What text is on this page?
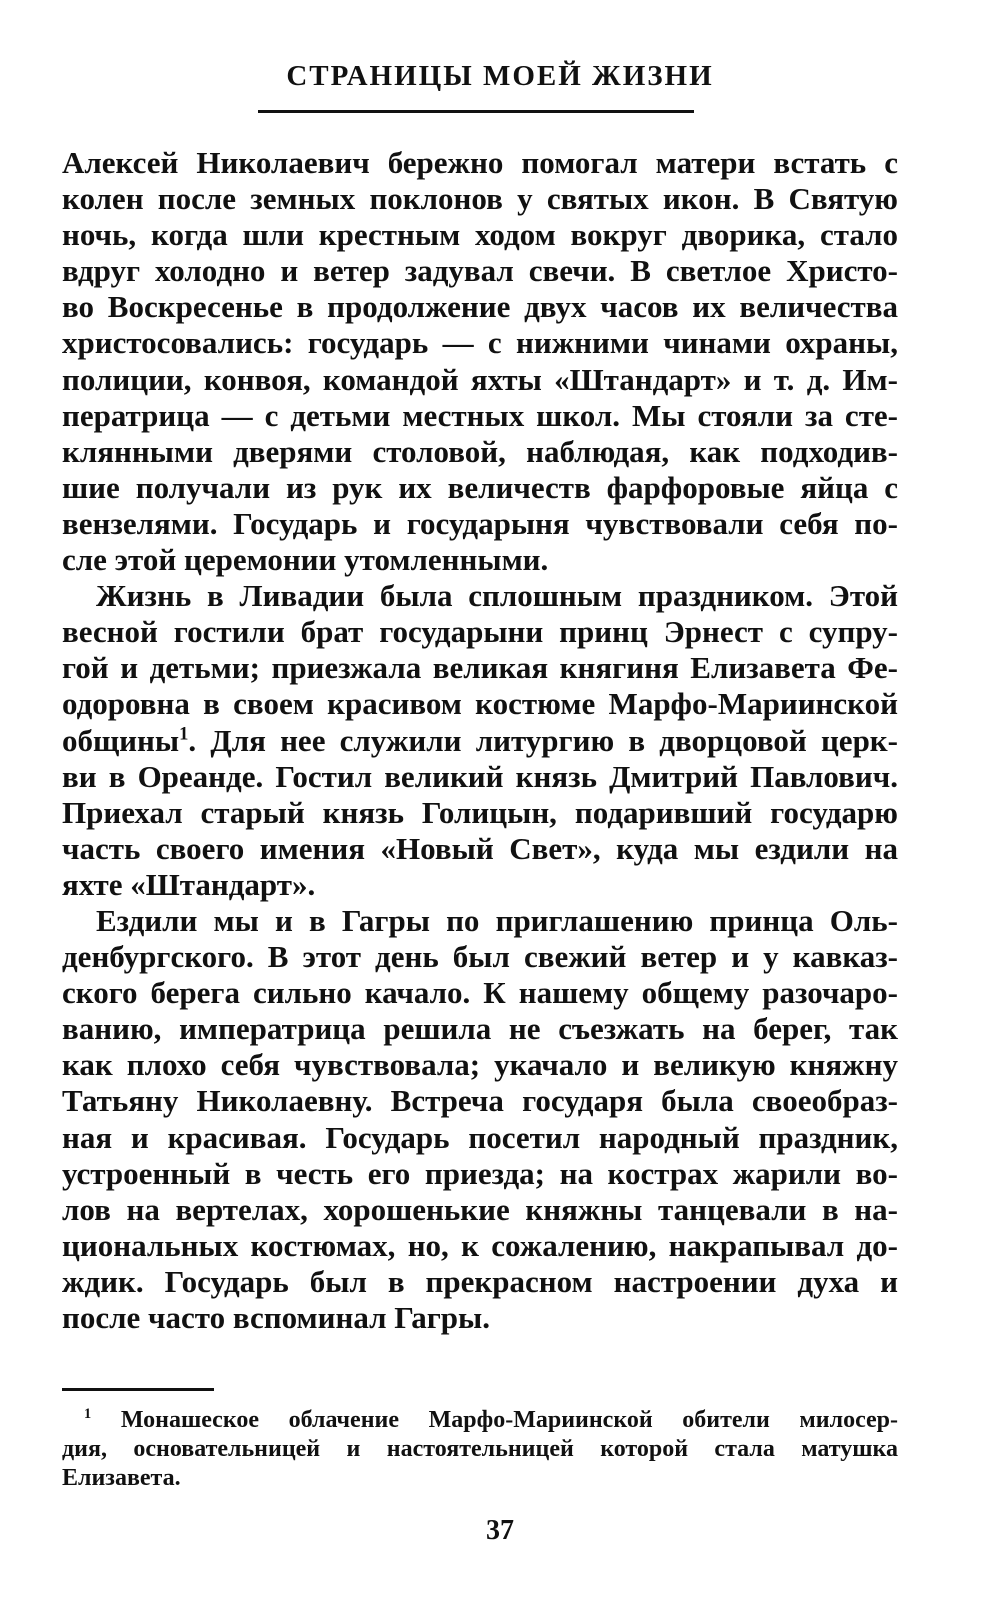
СТРАНИЦЫ МОЕЙ ЖИЗНИ
Алексей Николаевич бережно помогал матери встать с
колен после земных поклонов у святых икон. В Святую
ночь, когда шли крестным ходом вокруг дворика, стало
вдруг холодно и ветер задувал свечи. В светлое Христо-
во Воскресенье в продолжение двух часов их величества
христосовались: государь — с нижними чинами охраны,
полиции, конвоя, командой яхты «Штандарт» и т. д. Им-
ператрица — с детьми местных школ. Мы стояли за сте-
клянными дверями столовой, наблюдая, как подходив-
шие получали из рук их величеств фарфоровые яйца с
вензелями. Государь и государыня чувствовали себя по-
сле этой церемонии утомленными.
Жизнь в Ливадии была сплошным праздником. Этой
весной гостили брат государыни принц Эрнест с супру-
гой и детьми; приезжала великая княгиня Елизавета Фе-
одоровна в своем красивом костюме Марфо-Мариинской
общины$^1$. Для нее служили литургию в дворцовой церк-
ви в Ореанде. Гостил великий князь Дмитрий Павлович.
Приехал старый князь Голицын, подаривший государю
часть своего имения «Новый Свет», куда мы ездили на
яхте «Штандарт».
Ездили мы и в Гагры по приглашению принца Оль-
денбургского. В этот день был свежий ветер и у кавказ-
ского берега сильно качало. К нашему общему разочаро-
ванию, императрица решила не съезжать на берег, так
как плохо себя чувствовала; укачало и великую княжну
Татьяну Николаевну. Встреча государя была своеобраз-
ная и красивая. Государь посетил народный праздник,
устроенный в честь его приезда; на кострах жарили во-
лов на вертелах, хорошенькие княжны танцевали в на-
циональных костюмах, но, к сожалению, накрапывал до-
ждик. Государь был в прекрасном настроении духа и
после часто вспоминал Гагры.
$^1$ Монашеское облачение Марфо-Мариинской обители милосер-
дия, основательницей и настоятельницей которой стала матушка
Елизавета.
37
